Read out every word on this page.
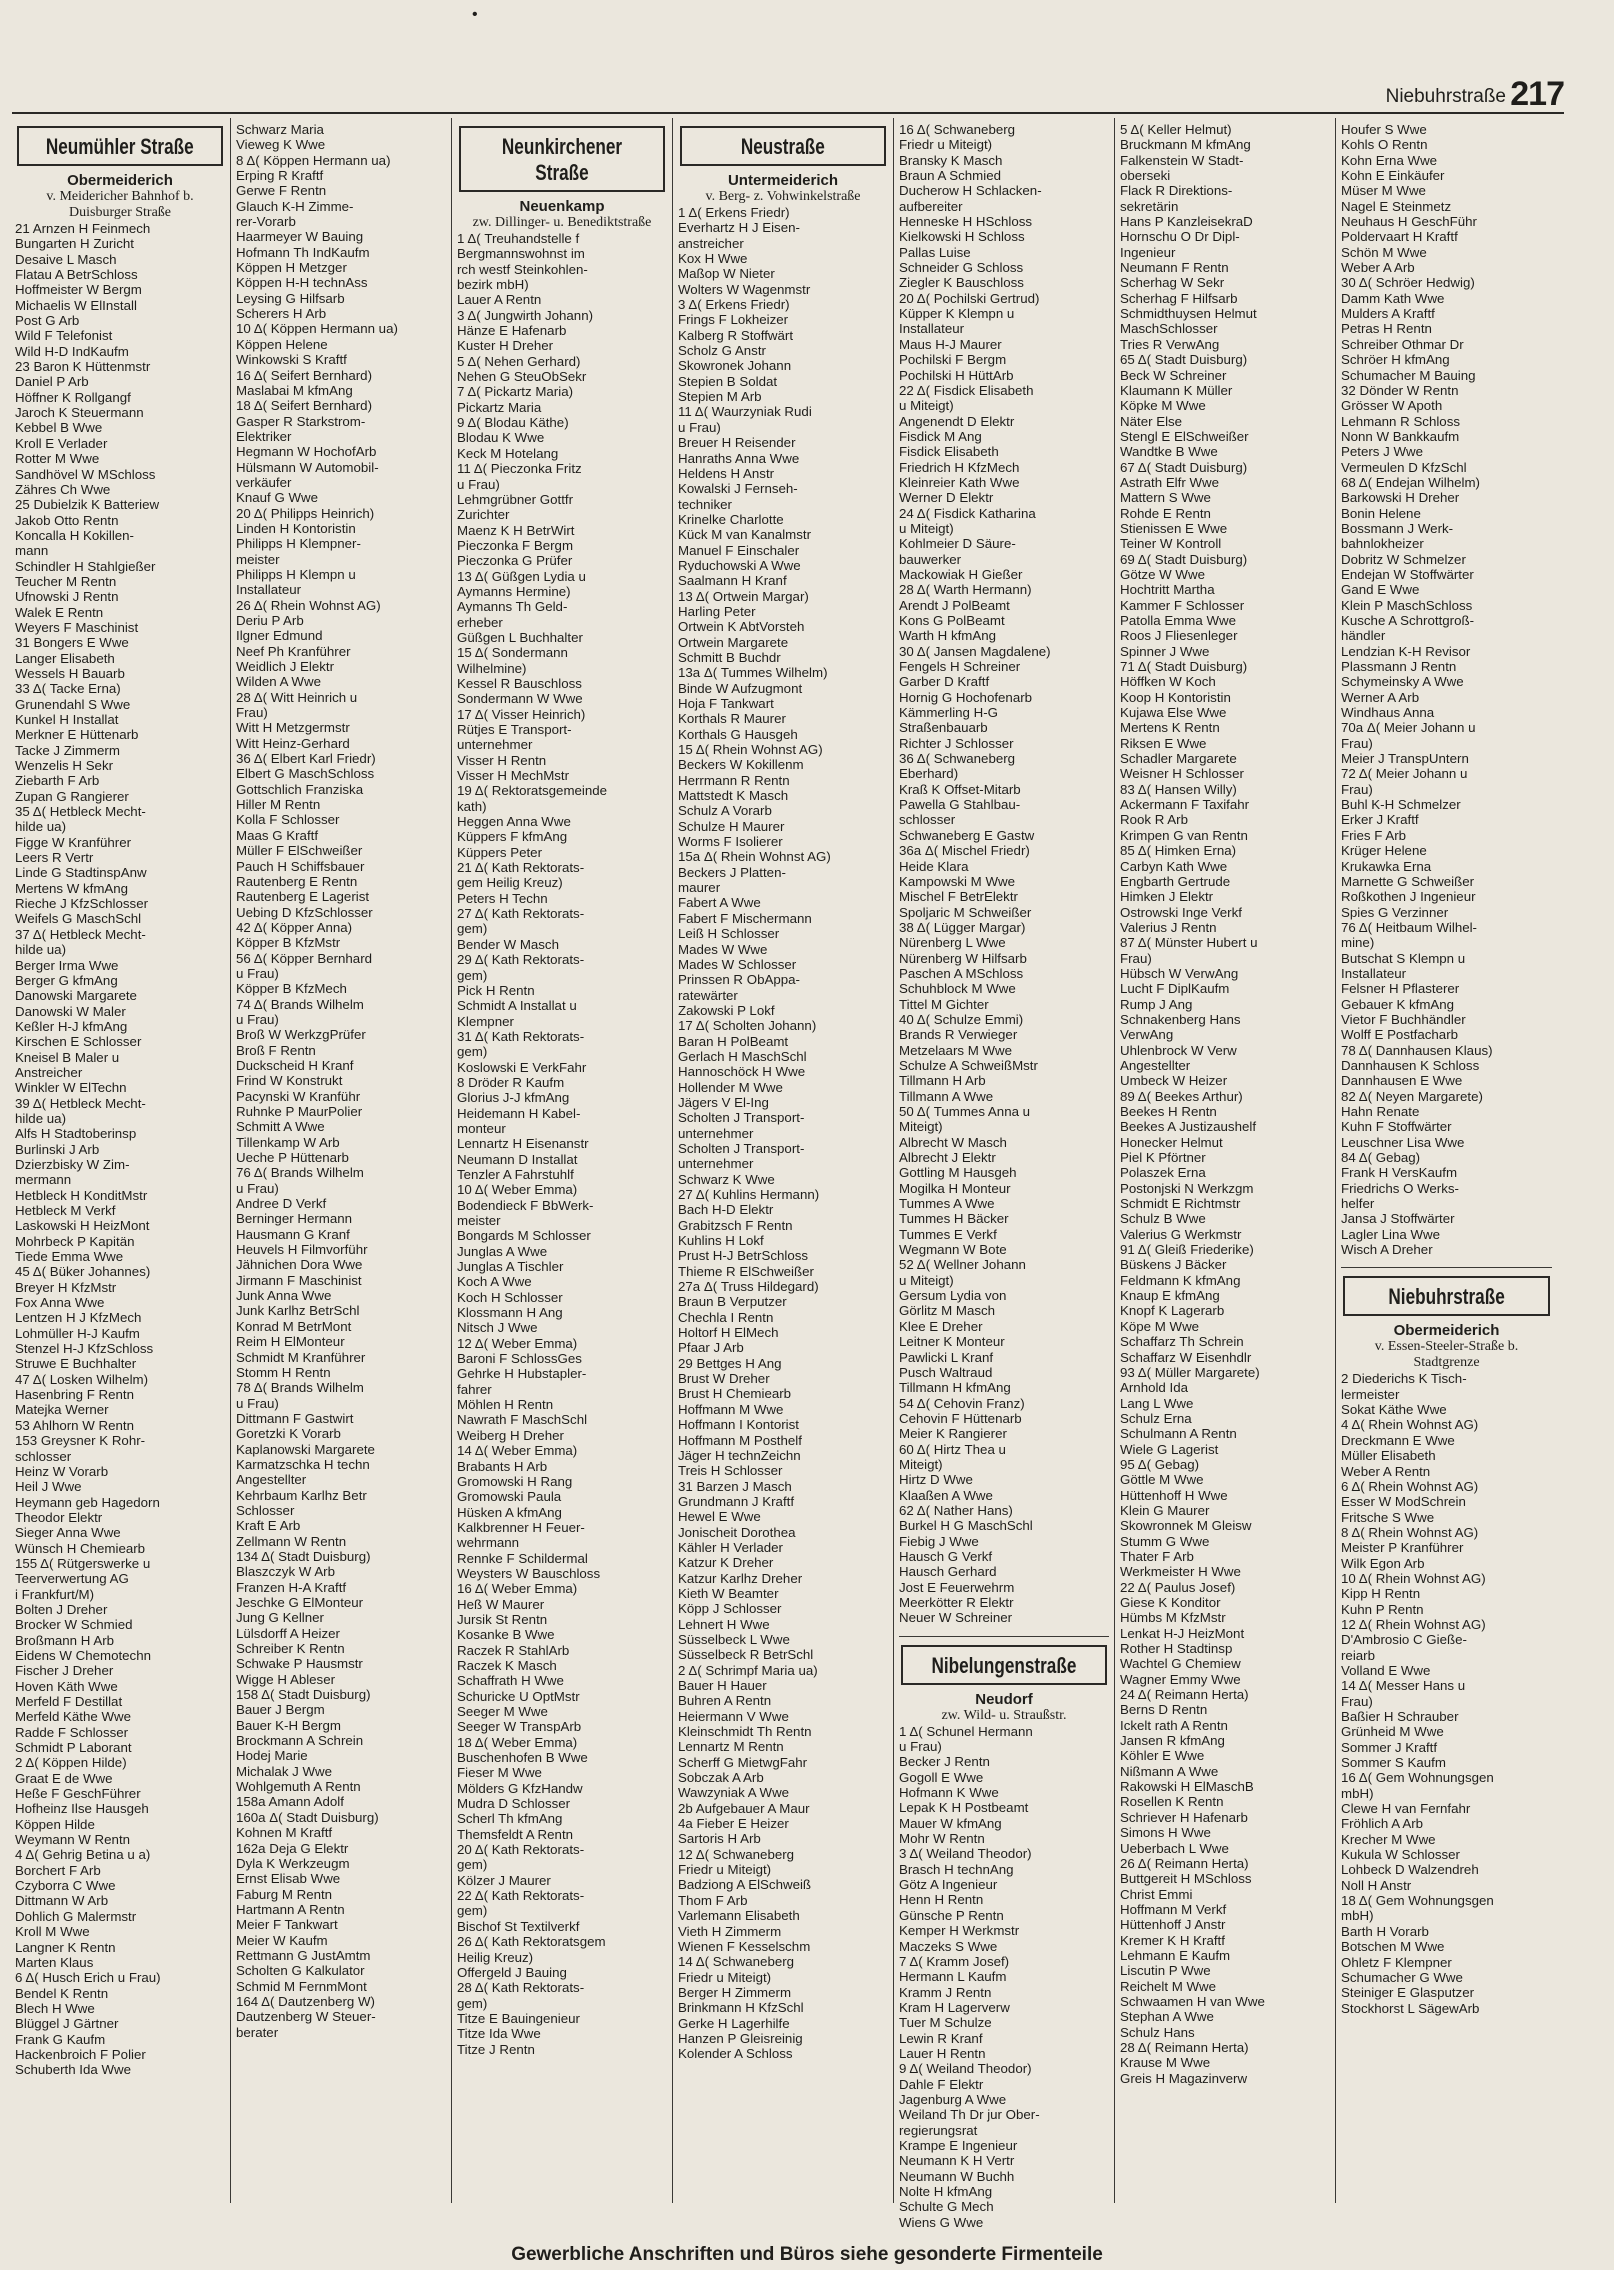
•
Niebuhrstraße 217
Neumühler Straße
Obermeiderich
v. Meidericher Bahnhof b. Duisburger Straße
21 Arnzen H Feinmech
Bungarten H Zuricht
Desaive L Masch
Flatau A BetrSchloss
Hoffmeister W Bergm
Michaelis W ElInstall
Post G Arb
Wild F Telefonist
Wild H-D IndKaufm
23 Baron K Hüttenmstr
Daniel P Arb
Höffner K Rollgangf
Jaroch K Steuermann
Kebbel B Wwe
Kroll E Verlader
Rotter M Wwe
Sandhövel W MSchloss
Zähres Ch Wwe
25 Dubielzik K Batteriew
Jakob Otto Rentn
Koncalla H Kokillen-
mann
Schindler H Stahlgießer
Teucher M Rentn
Ufnowski J Rentn
Walek E Rentn
Weyers F Maschinist
31 Bongers E Wwe
Langer Elisabeth
Wessels H Bauarb
33 Δ( Tacke Erna)
Grunendahl S Wwe
Kunkel H Installat
Merkner E Hüttenarb
Tacke J Zimmerm
Wenzelis H Sekr
Ziebarth F Arb
Zupan G Rangierer
35 Δ( Hetbleck Mecht-
hilde ua)
Figge W Kranführer
Leers R Vertr
Linde G StadtinspAnw
Mertens W kfmAng
Rieche J KfzSchlosser
Weifels G MaschSchl
37 Δ( Hetbleck Mecht-
hilde ua)
Berger Irma Wwe
Berger G kfmAng
Danowski Margarete
Danowski W Maler
Keßler H-J kfmAng
Kirschen E Schlosser
Kneisel B Maler u
Anstreicher
Winkler W ElTechn
39 Δ( Hetbleck Mecht-
hilde ua)
Alfs H Stadtoberinsp
Burlinski J Arb
Dzierzbisky W Zim-
mermann
Hetbleck H KonditMstr
Hetbleck M Verkf
Laskowski H HeizMont
Mohrbeck P Kapitän
Tiede Emma Wwe
45 Δ( Büker Johannes)
Breyer H KfzMstr
Fox Anna Wwe
Lentzen H J KfzMech
Lohmüller H-J Kaufm
Stenzel H-J KfzSchloss
Struwe E Buchhalter
47 Δ( Losken Wilhelm)
Hasenbring F Rentn
Matejka Werner
53 Ahlhorn W Rentn
153 Greysner K Rohr-
schlosser
Heinz W Vorarb
Heil J Wwe
Heymann geb Hagedorn
Theodor Elektr
Sieger Anna Wwe
Wünsch H Chemiearb
155 Δ( Rütgerswerke u
Teerverwertung AG
i Frankfurt/M)
Bolten J Dreher
Brocker W Schmied
Broßmann H Arb
Eidens W Chemotechn
Fischer J Dreher
Hoven Käth Wwe
Merfeld F Destillat
Merfeld Käthe Wwe
Radde F Schlosser
Schmidt P Laborant
2 Δ( Köppen Hilde)
Graat E de Wwe
Heße F GeschFührer
Hofheinz Ilse Hausgeh
Köppen Hilde
Weymann W Rentn
4 Δ( Gehrig Betina u a)
Borchert F Arb
Czyborra C Wwe
Dittmann W Arb
Dohlich G Malermstr
Kroll M Wwe
Langner K Rentn
Marten Klaus
6 Δ( Husch Erich u Frau)
Bendel K Rentn
Blech H Wwe
Blüggel J Gärtner
Frank G Kaufm
Hackenbroich F Polier
Schuberth Ida Wwe
Schwarz Maria
Vieweg K Wwe
8 Δ( Köppen Hermann ua)
Erping R Kraftf
Gerwe F Rentn
Glauch K-H Zimme-
rer-Vorarb
Haarmeyer W Bauing
Hofmann Th IndKaufm
Köppen H Metzger
Köppen H-H technAss
Leysing G Hilfsarb
Scherers H Arb
10 Δ( Köppen Hermann ua)
Köppen Helene
Winkowski S Kraftf
16 Δ( Seifert Bernhard)
Maslabai M kfmAng
18 Δ( Seifert Bernhard)
Gasper R Starkstrom-
Elektriker
Hegmann W HochofArb
Hülsmann W Automobil-
verkäufer
Knauf G Wwe
20 Δ( Philipps Heinrich)
Linden H Kontoristin
Philipps H Klempner-
meister
Philipps H Klempn u
Installateur
26 Δ( Rhein Wohnst AG)
Deriu P Arb
Ilgner Edmund
Neef Ph Kranführer
Weidlich J Elektr
Wilden A Wwe
28 Δ( Witt Heinrich u
Frau)
Witt H Metzgermstr
Witt Heinz-Gerhard
36 Δ( Elbert Karl Friedr)
Elbert G MaschSchloss
Gottschlich Franziska
Hiller M Rentn
Kolla F Schlosser
Maas G Kraftf
Müller F ElSchweißer
Pauch H Schiffsbauer
Rautenberg E Rentn
Rautenberg E Lagerist
Uebing D KfzSchlosser
42 Δ( Köpper Anna)
Köpper B KfzMstr
56 Δ( Köpper Bernhard
u Frau)
Köpper B KfzMech
74 Δ( Brands Wilhelm
u Frau)
Broß W WerkzgPrüfer
Broß F Rentn
Duckscheid H Kranf
Frind W Konstrukt
Pacynski W Kranführ
Ruhnke P MaurPolier
Schmitt A Wwe
Tillenkamp W Arb
Ueche P Hüttenarb
76 Δ( Brands Wilhelm
u Frau)
Andree D Verkf
Berninger Hermann
Hausmann G Kranf
Heuvels H Filmvorführ
Jähnichen Dora Wwe
Jirmann F Maschinist
Junk Anna Wwe
Junk Karlhz BetrSchl
Konrad M BetrMont
Reim H ElMonteur
Schmidt M Kranführer
Stomm H Rentn
78 Δ( Brands Wilhelm
u Frau)
Dittmann F Gastwirt
Goretzki K Vorarb
Kaplanowski Margarete
Karmatzschka H techn
Angestellter
Kehrbaum Karlhz Betr
Schlosser
Kraft E Arb
Zellmann W Rentn
134 Δ( Stadt Duisburg)
Blaszczyk W Arb
Franzen H-A Kraftf
Jeschke G ElMonteur
Jung G Kellner
Lülsdorff A Heizer
Schreiber K Rentn
Schwake P Hausmstr
Wigge H Ableser
158 Δ( Stadt Duisburg)
Bauer J Bergm
Bauer K-H Bergm
Brockmann A Schrein
Hodej Marie
Michalak J Wwe
Wohlgemuth A Rentn
158a Amann Adolf
160a Δ( Stadt Duisburg)
Kohnen M Kraftf
162a Deja G Elektr
Dyla K Werkzeugm
Ernst Elisab Wwe
Faburg M Rentn
Hartmann A Rentn
Meier F Tankwart
Meier W Kaufm
Rettmann G JustAmtm
Scholten G Kalkulator
Schmid M FernmMont
164 Δ( Dautzenberg W)
Dautzenberg W Steuer-
berater
Neunkirchener Straße
Neuenkamp
zw. Dillinger- u. Benediktstraße
1 Δ( Treuhandstelle f
Bergmannswohnst im
rch westf Steinkohlen-
bezirk mbH)
Lauer A Rentn
3 Δ( Jungwirth Johann)
Hänze E Hafenarb
Kuster H Dreher
5 Δ( Nehen Gerhard)
Nehen G SteuObSekr
7 Δ( Pickartz Maria)
Pickartz Maria
9 Δ( Blodau Käthe)
Blodau K Wwe
Keck M Hotelang
11 Δ( Pieczonka Fritz
u Frau)
Lehmgrübner Gottfr
Zurichter
Maenz K H BetrWirt
Pieczonka F Bergm
Pieczonka G Prüfer
13 Δ( Güßgen Lydia u
Aymanns Hermine)
Aymanns Th Geld-
erheber
Güßgen L Buchhalter
15 Δ( Sondermann
Wilhelmine)
Kessel R Bauschloss
Sondermann W Wwe
17 Δ( Visser Heinrich)
Rütjes E Transport-
unternehmer
Visser H Rentn
Visser H MechMstr
19 Δ( Rektoratsgemeinde
kath)
Heggen Anna Wwe
Küppers F kfmAng
Küppers Peter
21 Δ( Kath Rektorats-
gem Heilig Kreuz)
Peters H Techn
27 Δ( Kath Rektorats-
gem)
Bender W Masch
29 Δ( Kath Rektorats-
gem)
Pick H Rentn
Schmidt A Installat u
Klempner
31 Δ( Kath Rektorats-
gem)
Koslowski E VerkFahr
8 Dröder R Kaufm
Glorius J-J kfmAng
Heidemann H Kabel-
monteur
Lennartz H Eisenanstr
Neumann D Installat
Tenzler A Fahrstuhlf
10 Δ( Weber Emma)
Bodendieck F BbWerk-
meister
Bongards M Schlosser
Junglas A Wwe
Junglas A Tischler
Koch A Wwe
Koch H Schlosser
Klossmann H Ang
Nitsch J Wwe
12 Δ( Weber Emma)
Baroni F SchlossGes
Gehrke H Hubstapler-
fahrer
Möhlen H Rentn
Nawrath F MaschSchl
Weiberg H Dreher
14 Δ( Weber Emma)
Brabants H Arb
Gromowski H Rang
Gromowski Paula
Hüsken A kfmAng
Kalkbrenner H Feuer-
wehrmann
Rennke F Schildermal
Weysters W Bauschloss
16 Δ( Weber Emma)
Heß W Maurer
Jursik St Rentn
Kosanke B Wwe
Raczek R StahlArb
Raczek K Masch
Schaffrath H Wwe
Schuricke U OptMstr
Seeger M Wwe
Seeger W TranspArb
18 Δ( Weber Emma)
Buschenhofen B Wwe
Fieser M Wwe
Mölders G KfzHandw
Mudra D Schlosser
Scherl Th kfmAng
Themsfeldt A Rentn
20 Δ( Kath Rektorats-
gem)
Kölzer J Maurer
22 Δ( Kath Rektorats-
gem)
Bischof St Textilverkf
26 Δ( Kath Rektoratsgem
Heilig Kreuz)
Offergeld J Bauing
28 Δ( Kath Rektorats-
gem)
Titze E Bauingenieur
Titze Ida Wwe
Titze J Rentn
Neustraße
Untermeiderich
v. Berg- z. Vohwinkelstraße
1 Δ( Erkens Friedr)
Everhartz H J Eisen-
anstreicher
Kox H Wwe
Maßop W Nieter
Wolters W Wagenmstr
3 Δ( Erkens Friedr)
Frings F Lokheizer
Kalberg R Stoffwärt
Scholz G Anstr
Skowronek Johann
Stepien B Soldat
Stepien M Arb
11 Δ( Waurzyniak Rudi
u Frau)
Breuer H Reisender
Hanraths Anna Wwe
Heldens H Anstr
Kowalski J Fernseh-
techniker
Krinelke Charlotte
Kück M van Kanalmstr
Manuel F Einschaler
Ryduchowski A Wwe
Saalmann H Kranf
13 Δ( Ortwein Margar)
Harling Peter
Ortwein K AbtVorsteh
Ortwein Margarete
Schmitt B Buchdr
13a Δ( Tummes Wilhelm)
Binde W Aufzugmont
Hoja F Tankwart
Korthals R Maurer
Korthals G Hausgeh
15 Δ( Rhein Wohnst AG)
Beckers W Kokillenm
Herrmann R Rentn
Mattstedt K Masch
Schulz A Vorarb
Schulze H Maurer
Worms F Isolierer
15a Δ( Rhein Wohnst AG)
Beckers J Platten-
maurer
Fabert A Wwe
Fabert F Mischermann
Leiß H Schlosser
Mades W Wwe
Mades W Schlosser
Prinssen R ObAppa-
ratewärter
Zakowski P Lokf
17 Δ( Scholten Johann)
Baran H PolBeamt
Gerlach H MaschSchl
Hannoschöck H Wwe
Hollender M Wwe
Jägers V El-Ing
Scholten J Transport-
unternehmer
Scholten J Transport-
unternehmer
Schwarz K Wwe
27 Δ( Kuhlins Hermann)
Bach H-D Elektr
Grabitzsch F Rentn
Kuhlins H Lokf
Prust H-J BetrSchloss
Thieme R ElSchweißer
27a Δ( Truss Hildegard)
Braun B Verputzer
Chechla I Rentn
Holtorf H ElMech
Pfaar J Arb
29 Bettges H Ang
Brust W Dreher
Brust H Chemiearb
Hoffmann M Wwe
Hoffmann I Kontorist
Hoffmann M Posthelf
Jäger H technZeichn
Treis H Schlosser
31 Barzen J Masch
Grundmann J Kraftf
Hewel E Wwe
Jonischeit Dorothea
Kähler H Verlader
Katzur K Dreher
Katzur Karlhz Dreher
Kieth W Beamter
Köpp J Schlosser
Lehnert H Wwe
Süsselbeck L Wwe
Süsselbeck R BetrSchl
2 Δ( Schrimpf Maria ua)
Bauer H Hauer
Buhren A Rentn
Heiermann V Wwe
Kleinschmidt Th Rentn
Lennartz M Rentn
Scherff G MietwgFahr
Sobczak A Arb
Wawzyniak A Wwe
2b Aufgebauer A Maur
4a Fieber E Heizer
Sartoris H Arb
12 Δ( Schwaneberg
Friedr u Miteigt)
Badziong A ElSchweiß
Thom F Arb
Varlemann Elisabeth
Vieth H Zimmerm
Wienen F Kesselschm
14 Δ( Schwaneberg
Friedr u Miteigt)
Berger H Zimmerm
Brinkmann H KfzSchl
Gerke H Lagerhilfe
Hanzen P Gleisreinig
Kolender A Schloss
16 Δ( Schwaneberg
Friedr u Miteigt)
Bransky K Masch
Braun A Schmied
Ducherow H Schlacken-
aufbereiter
Henneske H HSchloss
Kielkowski H Schloss
Pallas Luise
Schneider G Schloss
Ziegler K Bauschloss
20 Δ( Pochilski Gertrud)
Küpper K Klempn u
Installateur
Maus H-J Maurer
Pochilski F Bergm
Pochilski H HüttArb
22 Δ( Fisdick Elisabeth
u Miteigt)
Angenendt D Elektr
Fisdick M Ang
Fisdick Elisabeth
Friedrich H KfzMech
Kleinreier Kath Wwe
Werner D Elektr
24 Δ( Fisdick Katharina
u Miteigt)
Kohlmeier D Säure-
bauwerker
Mackowiak H Gießer
28 Δ( Warth Hermann)
Arendt J PolBeamt
Kons G PolBeamt
Warth H kfmAng
30 Δ( Jansen Magdalene)
Fengels H Schreiner
Garber D Kraftf
Hornig G Hochofenarb
Kämmerling H-G
Straßenbauarb
Richter J Schlosser
36 Δ( Schwaneberg
Eberhard)
Kraß K Offset-Mitarb
Pawella G Stahlbau-
schlosser
Schwaneberg E Gastw
36a Δ( Mischel Friedr)
Heide Klara
Kampowski M Wwe
Mischel F BetrElektr
Spoljaric M Schweißer
38 Δ( Lügger Margar)
Nürenberg L Wwe
Nürenberg W Hilfsarb
Paschen A MSchloss
Schuhblock M Wwe
Tittel M Gichter
40 Δ( Schulze Emmi)
Brands R Verwieger
Metzelaars M Wwe
Schulze A SchweißMstr
Tillmann H Arb
Tillmann A Wwe
50 Δ( Tummes Anna u
Miteigt)
Albrecht W Masch
Albrecht J Elektr
Gottling M Hausgeh
Mogilka H Monteur
Tummes A Wwe
Tummes H Bäcker
Tummes E Verkf
Wegmann W Bote
52 Δ( Wellner Johann
u Miteigt)
Gersum Lydia von
Görlitz M Masch
Klee E Dreher
Leitner K Monteur
Pawlicki L Kranf
Pusch Waltraud
Tillmann H kfmAng
54 Δ( Cehovin Franz)
Cehovin F Hüttenarb
Meier K Rangierer
60 Δ( Hirtz Thea u
Miteigt)
Hirtz D Wwe
Klaaßen A Wwe
62 Δ( Nather Hans)
Burkel H G MaschSchl
Fiebig J Wwe
Hausch G Verkf
Hausch Gerhard
Jost E Feuerwehrm
Meerkötter R Elektr
Neuer W Schreiner
Nibelungenstraße
Neudorf
zw. Wild- u. Straußstr.
1 Δ( Schunel Hermann
u Frau)
Becker J Rentn
Gogoll E Wwe
Hofmann K Wwe
Lepak K H Postbeamt
Mauer W kfmAng
Mohr W Rentn
3 Δ( Weiland Theodor)
Brasch H technAng
Götz A Ingenieur
Henn H Rentn
Günsche P Rentn
Kemper H Werkmstr
Maczeks S Wwe
7 Δ( Kramm Josef)
Hermann L Kaufm
Kramm J Rentn
Kram H Lagerverw
Tuer M Schulze
Lewin R Kranf
Lauer H Rentn
9 Δ( Weiland Theodor)
Dahle F Elektr
Jagenburg A Wwe
Weiland Th Dr jur Ober-
regierungsrat
Krampe E Ingenieur
Neumann K H Vertr
Neumann W Buchh
Nolte H kfmAng
Schulte G Mech
Wiens G Wwe
5 Δ( Keller Helmut)
Bruckmann M kfmAng
Falkenstein W Stadt-
oberseki
Flack R Direktions-
sekretärin
Hans P KanzleisekraD
Hornschu O Dr Dipl-
Ingenieur
Neumann F Rentn
Scherhag W Sekr
Scherhag F Hilfsarb
Schmidthuysen Helmut
MaschSchlosser
Tries R VerwAng
65 Δ( Stadt Duisburg)
Beck W Schreiner
Klaumann K Müller
Köpke M Wwe
Näter Else
Stengl E ElSchweißer
Wandtke B Wwe
67 Δ( Stadt Duisburg)
Astrath Elfr Wwe
Mattern S Wwe
Rohde E Rentn
Stienissen E Wwe
Teiner W Kontroll
69 Δ( Stadt Duisburg)
Götze W Wwe
Hochtritt Martha
Kammer F Schlosser
Patolla Emma Wwe
Roos J Fliesenleger
Spinner J Wwe
71 Δ( Stadt Duisburg)
Höffken W Koch
Koop H Kontoristin
Kujawa Else Wwe
Mertens K Rentn
Riksen E Wwe
Schadler Margarete
Weisner H Schlosser
83 Δ( Hansen Willy)
Ackermann F Taxifahr
Rook R Arb
Krimpen G van Rentn
85 Δ( Himken Erna)
Carbyn Kath Wwe
Engbarth Gertrude
Himken J Elektr
Ostrowski Inge Verkf
Valerius J Rentn
87 Δ( Münster Hubert u
Frau)
Hübsch W VerwAng
Lucht F DiplKaufm
Rump J Ang
Schnakenberg Hans
VerwAng
Uhlenbrock W Verw
Angestellter
Umbeck W Heizer
89 Δ( Beekes Arthur)
Beekes H Rentn
Beekes A Justizaushelf
Honecker Helmut
Piel K Pförtner
Polaszek Erna
Postonjski N Werkzgm
Schmidt E Richtmstr
Schulz B Wwe
Valerius G Werkmstr
91 Δ( Gleiß Friederike)
Büskens J Bäcker
Feldmann K kfmAng
Knaup E kfmAng
Knopf K Lagerarb
Köpe M Wwe
Schaffarz Th Schrein
Schaffarz W Eisenhdlr
93 Δ( Müller Margarete)
Arnhold Ida
Lang L Wwe
Schulz Erna
Schulmann A Rentn
Wiele G Lagerist
95 Δ( Gebag)
Göttle M Wwe
Hüttenhoff H Wwe
Klein G Maurer
Skowronnek M Gleisw
Stumm G Wwe
Thater F Arb
Werkmeister H Wwe
22 Δ( Paulus Josef)
Giese K Konditor
Hümbs M KfzMstr
Lenkat H-J HeizMont
Rother H Stadtinsp
Wachtel G Chemiew
Wagner Emmy Wwe
24 Δ( Reimann Herta)
Berns D Rentn
Ickelt rath A Rentn
Jansen R kfmAng
Köhler E Wwe
Nißmann A Wwe
Rakowski H ElMaschB
Rosellen K Rentn
Schriever H Hafenarb
Simons H Wwe
Ueberbach L Wwe
26 Δ( Reimann Herta)
Buttgereit H MSchloss
Christ Emmi
Hoffmann M Verkf
Hüttenhoff J Anstr
Kremer K H Kraftf
Lehmann E Kaufm
Liscutin P Wwe
Reichelt M Wwe
Schwaamen H van Wwe
Stephan A Wwe
Schulz Hans
28 Δ( Reimann Herta)
Krause M Wwe
Greis H Magazinverw
Houfer S Wwe
Kohls O Rentn
Kohn Erna Wwe
Kohn E Einkäufer
Müser M Wwe
Nagel E Steinmetz
Neuhaus H GeschFühr
Poldervaart H Kraftf
Schön M Wwe
Weber A Arb
30 Δ( Schröer Hedwig)
Damm Kath Wwe
Mulders A Kraftf
Petras H Rentn
Schreiber Othmar Dr
Schröer H kfmAng
Schumacher M Bauing
32 Dönder W Rentn
Grösser W Apoth
Lehmann R Schloss
Nonn W Bankkaufm
Peters J Wwe
Vermeulen D KfzSchl
68 Δ( Endejan Wilhelm)
Barkowski H Dreher
Bonin Helene
Bossmann J Werk-
bahnlokheizer
Dobritz W Schmelzer
Endejan W Stoffwärter
Gand E Wwe
Klein P MaschSchloss
Kusche A Schrottgroß-
händler
Lendzian K-H Revisor
Plassmann J Rentn
Schymeinsky A Wwe
Werner A Arb
Windhaus Anna
70a Δ( Meier Johann u
Frau)
Meier J TranspUntern
72 Δ( Meier Johann u
Frau)
Buhl K-H Schmelzer
Erker J Kraftf
Fries F Arb
Krüger Helene
Krukawka Erna
Marnette G Schweißer
Roßkothen J Ingenieur
Spies G Verzinner
76 Δ( Heitbaum Wilhel-
mine)
Butschat S Klempn u
Installateur
Felsner H Pflasterer
Gebauer K kfmAng
Vietor F Buchhändler
Wolff E Postfacharb
78 Δ( Dannhausen Klaus)
Dannhausen K Schloss
Dannhausen E Wwe
82 Δ( Neyen Margarete)
Hahn Renate
Kuhn F Stoffwärter
Leuschner Lisa Wwe
84 Δ( Gebag)
Frank H VersKaufm
Friedrichs O Werks-
helfer
Jansa J Stoffwärter
Lagler Lina Wwe
Wisch A Dreher
Niebuhrstraße
Obermeiderich
v. Essen-Steeler-Straße b. Stadtgrenze
2 Diederichs K Tisch-
lermeister
Sokat Käthe Wwe
4 Δ( Rhein Wohnst AG)
Dreckmann E Wwe
Müller Elisabeth
Weber A Rentn
6 Δ( Rhein Wohnst AG)
Esser W ModSchrein
Fritsche S Wwe
8 Δ( Rhein Wohnst AG)
Meister P Kranführer
Wilk Egon Arb
10 Δ( Rhein Wohnst AG)
Kipp H Rentn
Kuhn P Rentn
12 Δ( Rhein Wohnst AG)
D'Ambrosio C Gieße-
reiarb
Volland E Wwe
14 Δ( Messer Hans u
Frau)
Baßier H Schrauber
Grünheid M Wwe
Sommer J Kraftf
Sommer S Kaufm
16 Δ( Gem Wohnungsgen
mbH)
Clewe H van Fernfahr
Fröhlich A Arb
Krecher M Wwe
Kukula W Schlosser
Lohbeck D Walzendreh
Noll H Anstr
18 Δ( Gem Wohnungsgen
mbH)
Barth H Vorarb
Botschen M Wwe
Ohletz F Klempner
Schumacher G Wwe
Steiniger E Glasputzer
Stockhorst L SägewArb
Gewerbliche Anschriften und Büros siehe gesonderte Firmenteile
